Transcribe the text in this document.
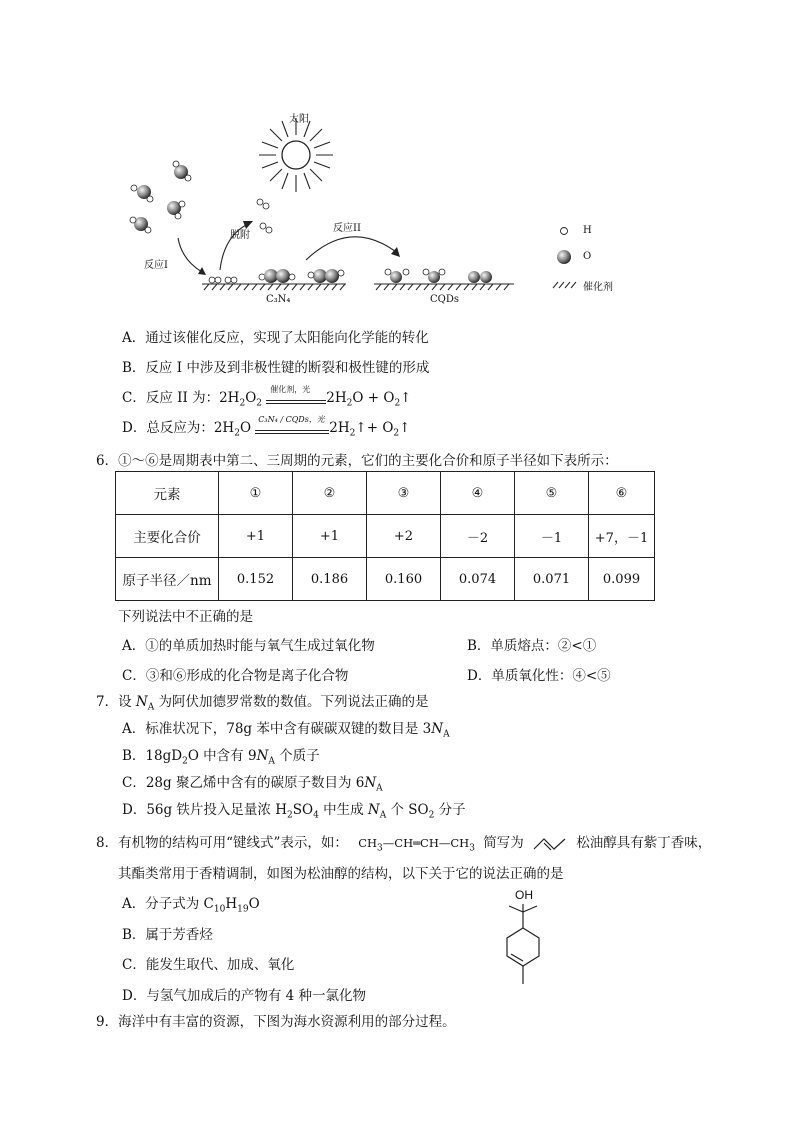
太阳
脱附
反应I
反应II
C₃N₄	CQDs
H
O
催化剂
A．通过该催化反应，实现了太阳能向化学能的转化
B．反应 I 中涉及到非极性键的断裂和极性键的形成
C．反应 II 为：$2H_2O_2$
催化剂，光
$2H_2O$ + $O_2↑$
D．总反应为：$2H_2O$
C₃N₄ / CQDs，光
$2H_2↑+$ $O_2↑$
6．①～⑥是周期表中第二、三周期的元素，它们的主要化合价和原子半径如下表所示：
元素	①	②	③	④	⑤	⑥
主要化合价	+1	+1	+2	－2	－1	+7，－1
原子半径／nm	0.152	0.186	0.160	0.074	0.071	0.099
下列说法中不正确的是
A．①的单质加热时能与氧气生成过氧化物	B．单质熔点：②<①
C．③和⑥形成的化合物是离子化合物	D．单质氧化性：④<⑤
7．设 $N_A$ 为阿伏加德罗常数的数值。下列说法正确的是
A．标准状况下，78g 苯中含有碳碳双键的数目是 $3N_A$
B．$18gD_2O$ 中含有 $9N_A$ 个质子
C．28g 聚乙烯中含有的碳原子数目为 $6N_A$
D．56g 铁片投入足量浓 $H_2SO_4$ 中生成 $N_A$ 个 $SO_2$ 分子
8．有机物的结构可用“键线式”表示，如： $CH_3—CH═CH—CH_3$ 简写为	松油醇具有紫丁香味，
其酯类常用于香精调制，如图为松油醇的结构，以下关于它的说法正确的是
A．分子式为 $C_{10}H_{19}O$
B．属于芳香烃
C．能发生取代、加成、氧化
D．与氢气加成后的产物有 4 种一氯化物
OH
9．海洋中有丰富的资源，下图为海水资源利用的部分过程。
